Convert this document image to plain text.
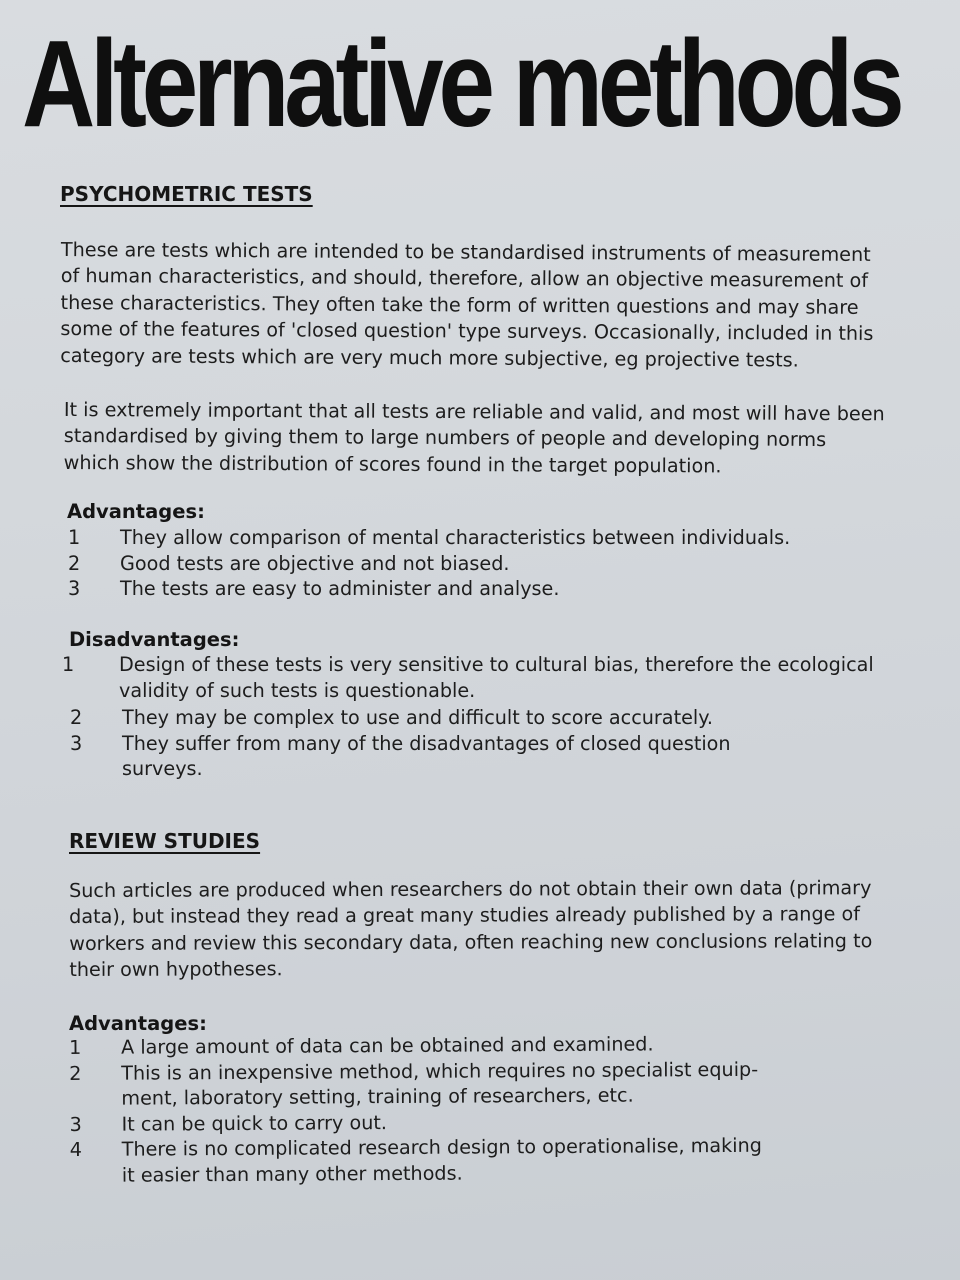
Alternative methods
PSYCHOMETRIC TESTS

These are tests which are intended to be standardised instruments of measurement
of human characteristics, and should, therefore, allow an objective measurement of
these characteristics. They often take the form of written questions and may share
some of the features of 'closed question' type surveys. Occasionally, included in this
category are tests which are very much more subjective, eg projective tests.

It is extremely important that all tests are reliable and valid, and most will have been
standardised by giving them to large numbers of people and developing norms
which show the distribution of scores found in the target population.

Advantages:
1 They allow comparison of mental characteristics between individuals.
2 Good tests are objective and not biased.
3 The tests are easy to administer and analyse.
Disadvantages:
1 Design of these tests is very sensitive to cultural bias, therefore the ecological
validity of such tests is questionable.
2 They may be complex to use and difficult to score accurately.
3 They suffer from many of the disadvantages of closed question
surveys.
REVIEW STUDIES

Such articles are produced when researchers do not obtain their own data (primary
data), but instead they read a great many studies already published by a range of
workers and review this secondary data, often reaching new conclusions relating to
their own hypotheses.

Advantages:
1 A large amount of data can be obtained and examined.
2 This is an inexpensive method, which requires no specialist equip-
ment, laboratory setting, training of researchers, etc.
3 It can be quick to carry out.
4 There is no complicated research design to operationalise, making
it easier than many other methods.
